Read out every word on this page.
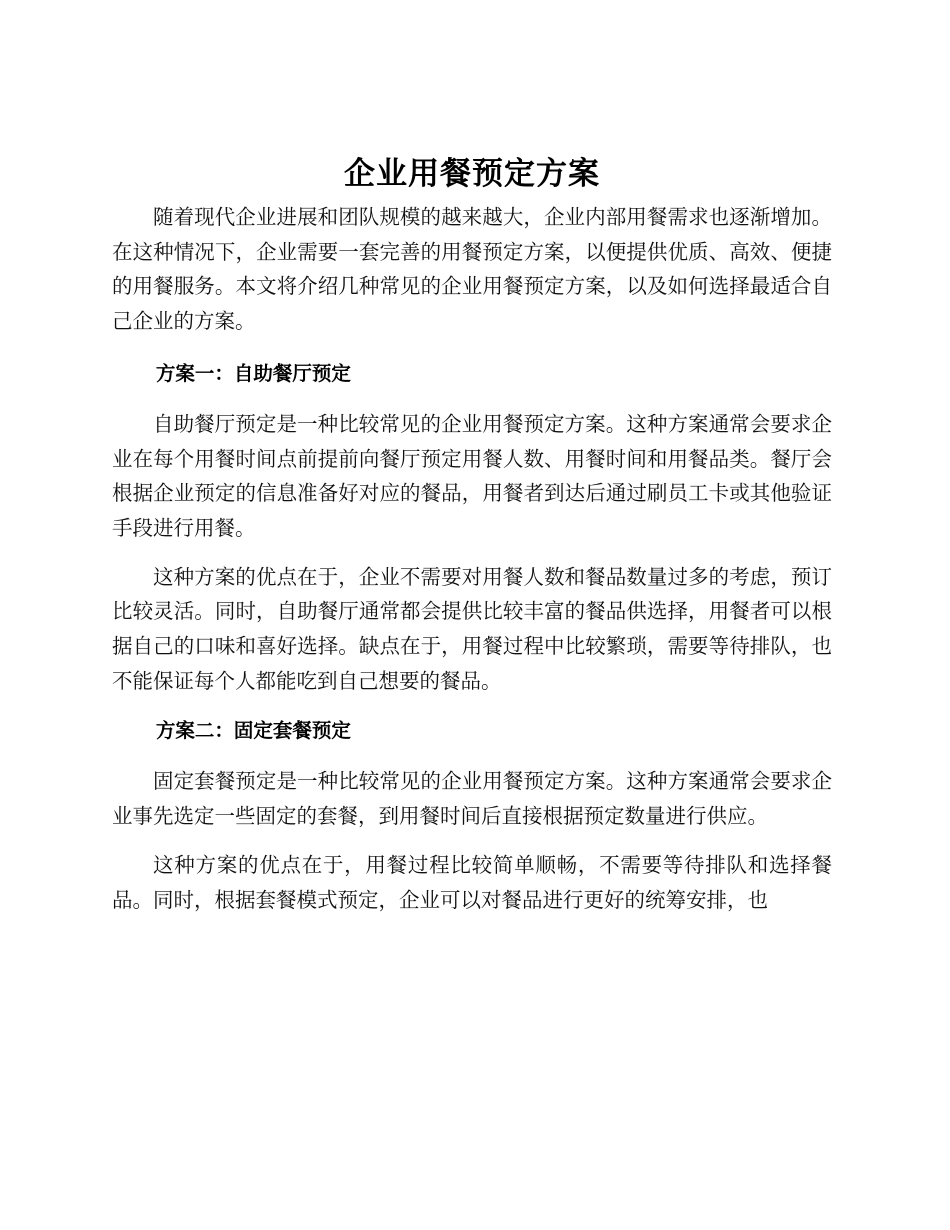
企业用餐预定方案

随着现代企业进展和团队规模的越来越大，企业内部用餐需求也逐渐增加。在这种情况下，企业需要一套完善的用餐预定方案，以便提供优质、高效、便捷的用餐服务。本文将介绍几种常见的企业用餐预定方案，以及如何选择最适合自己企业的方案。

方案一：自助餐厅预定

自助餐厅预定是一种比较常见的企业用餐预定方案。这种方案通常会要求企业在每个用餐时间点前提前向餐厅预定用餐人数、用餐时间和用餐品类。餐厅会根据企业预定的信息准备好对应的餐品，用餐者到达后通过刷员工卡或其他验证手段进行用餐。

这种方案的优点在于，企业不需要对用餐人数和餐品数量过多的考虑，预订比较灵活。同时，自助餐厅通常都会提供比较丰富的餐品供选择，用餐者可以根据自己的口味和喜好选择。缺点在于，用餐过程中比较繁琐，需要等待排队，也不能保证每个人都能吃到自己想要的餐品。

方案二：固定套餐预定

固定套餐预定是一种比较常见的企业用餐预定方案。这种方案通常会要求企业事先选定一些固定的套餐，到用餐时间后直接根据预定数量进行供应。

这种方案的优点在于，用餐过程比较简单顺畅，不需要等待排队和选择餐品。同时，根据套餐模式预定，企业可以对餐品进行更好的统筹安排，也
